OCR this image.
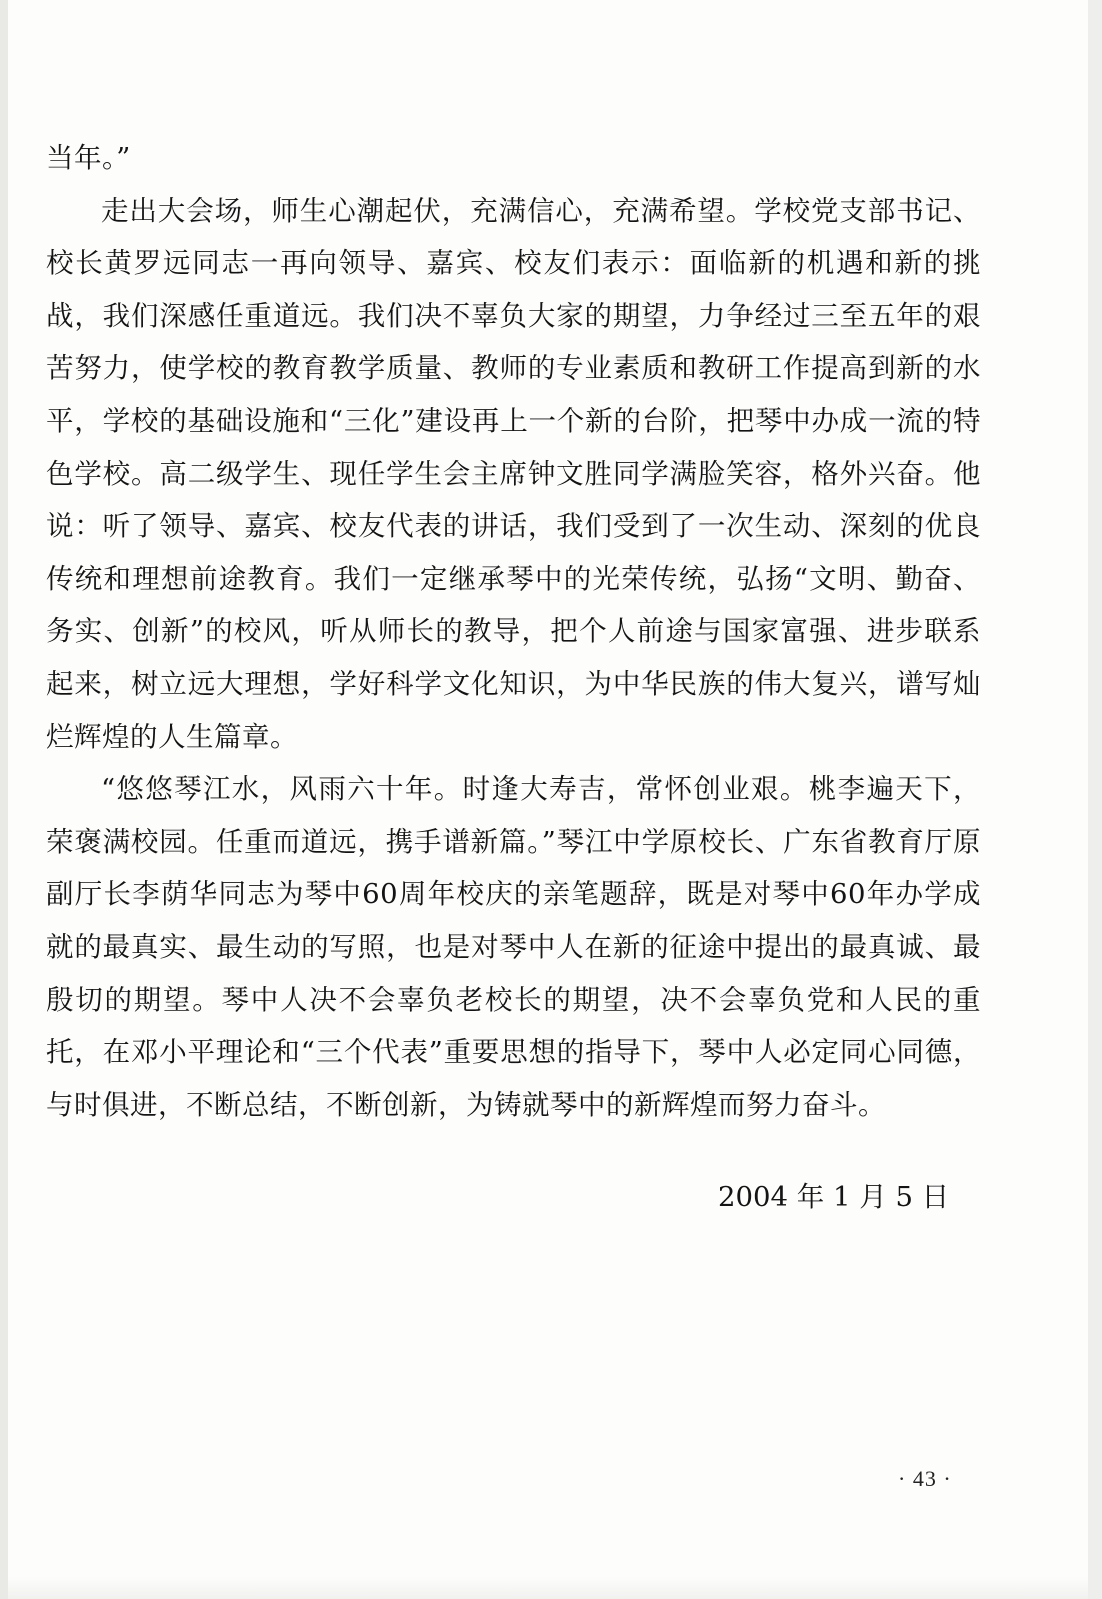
当年。”

走出大会场，师生心潮起伏，充满信心，充满希望。学校党支部书记、校长黄罗远同志一再向领导、嘉宾、校友们表示：面临新的机遇和新的挑战，我们深感任重道远。我们决不辜负大家的期望，力争经过三至五年的艰苦努力，使学校的教育教学质量、教师的专业素质和教研工作提高到新的水平，学校的基础设施和“三化”建设再上一个新的台阶，把琴中办成一流的特色学校。高二级学生、现任学生会主席钟文胜同学满脸笑容，格外兴奋。他说：听了领导、嘉宾、校友代表的讲话，我们受到了一次生动、深刻的优良传统和理想前途教育。我们一定继承琴中的光荣传统，弘扬“文明、勤奋、务实、创新”的校风，听从师长的教导，把个人前途与国家富强、进步联系起来，树立远大理想，学好科学文化知识，为中华民族的伟大复兴，谱写灿烂辉煌的人生篇章。

“悠悠琴江水，风雨六十年。时逢大寿吉，常怀创业艰。桃李遍天下，荣褒满校园。任重而道远，携手谱新篇。”琴江中学原校长、广东省教育厅原副厅长李荫华同志为琴中60周年校庆的亲笔题辞，既是对琴中60年办学成就的最真实、最生动的写照，也是对琴中人在新的征途中提出的最真诚、最殷切的期望。琴中人决不会辜负老校长的期望，决不会辜负党和人民的重托，在邓小平理论和“三个代表”重要思想的指导下，琴中人必定同心同德，与时俱进，不断总结，不断创新，为铸就琴中的新辉煌而努力奋斗。

2004 年 1 月 5 日
· 43 ·
